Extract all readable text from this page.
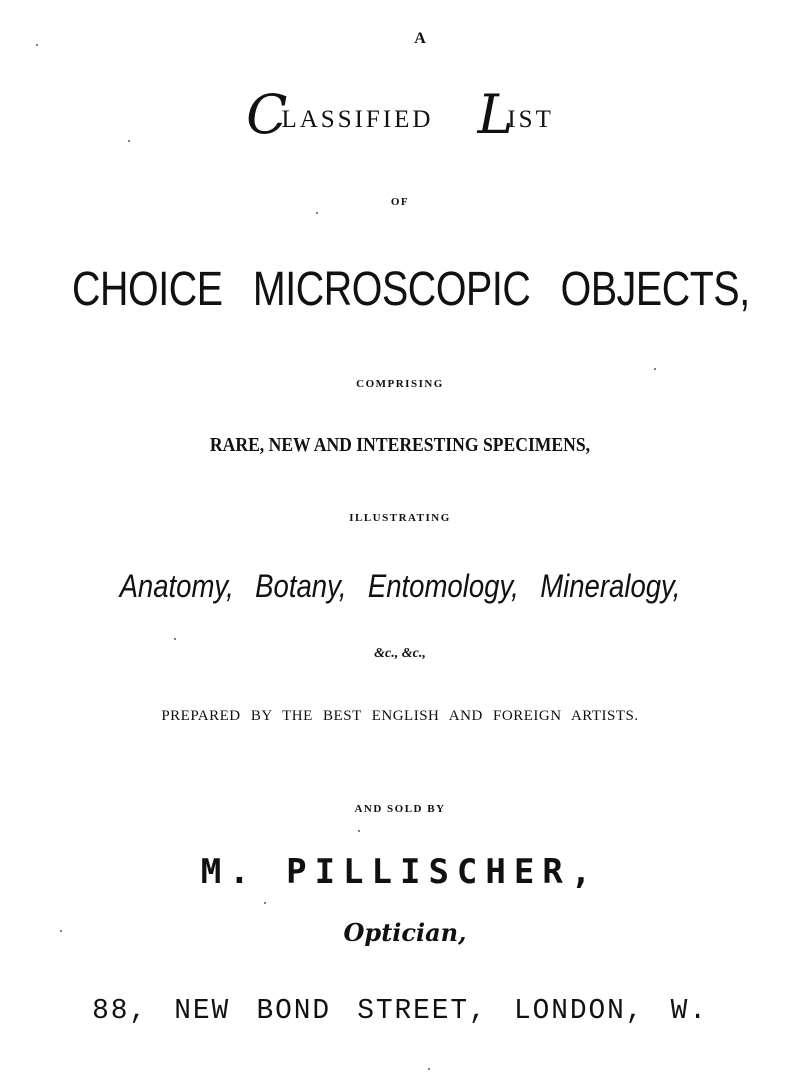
A
CLASSIFIED LIST
OF
CHOICE MICROSCOPIC OBJECTS,
COMPRISING
RARE, NEW AND INTERESTING SPECIMENS,
ILLUSTRATING
Anatomy, Botany, Entomology, Mineralogy,
&c., &c.,
PREPARED BY THE BEST ENGLISH AND FOREIGN ARTISTS.
AND SOLD BY
M. PILLISCHER,
Optician,
88, NEW BOND STREET, LONDON, W.
